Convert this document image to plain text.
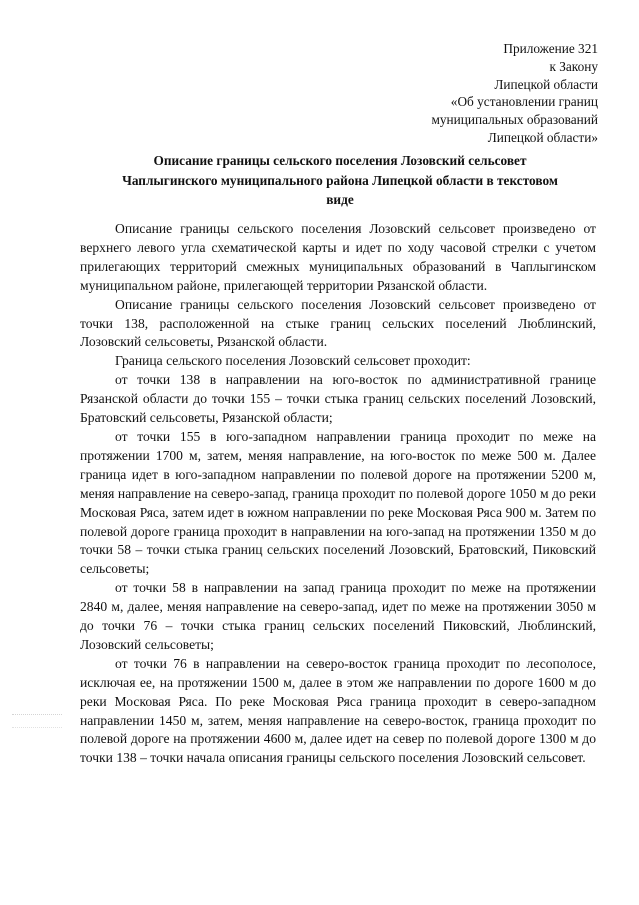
Приложение 321
к Закону
Липецкой области
«Об установлении границ
муниципальных образований
Липецкой области»
Описание границы сельского поселения Лозовский сельсовет
Чаплыгинского муниципального района Липецкой области в текстовом
виде

Описание границы сельского поселения Лозовский сельсовет произведено от верхнего левого угла схематической карты и идет по ходу часовой стрелки с учетом прилегающих территорий смежных муниципальных образований в Чаплыгинском муниципальном районе, прилегающей территории Рязанской области.

Описание границы сельского поселения Лозовский сельсовет произведено от точки 138, расположенной на стыке границ сельских поселений Люблинский, Лозовский сельсоветы, Рязанской области.

Граница сельского поселения Лозовский сельсовет проходит:

от точки 138 в направлении на юго-восток по административной границе Рязанской области до точки 155 – точки стыка границ сельских поселений Лозовский, Братовский сельсоветы, Рязанской области;

от точки 155 в юго-западном направлении граница проходит по меже на протяжении 1700 м, затем, меняя направление, на юго-восток по меже 500 м. Далее граница идет в юго-западном направлении по полевой дороге на протяжении 5200 м, меняя направление на северо-запад, граница проходит по полевой дороге 1050 м до реки Московая Ряса, затем идет в южном направлении по реке Московая Ряса 900 м. Затем по полевой дороге граница проходит в направлении на юго-запад на протяжении 1350 м до точки 58 – точки стыка границ сельских поселений Лозовский, Братовский, Пиковский сельсоветы;

от точки 58 в направлении на запад граница проходит по меже на протяжении 2840 м, далее, меняя направление на северо-запад, идет по меже на протяжении 3050 м до точки 76 – точки стыка границ сельских поселений Пиковский, Люблинский, Лозовский сельсоветы;

от точки 76 в направлении на северо-восток граница проходит по лесополосе, исключая ее, на протяжении 1500 м, далее в этом же направлении по дороге 1600 м до реки Московая Ряса. По реке Московая Ряса граница проходит в северо-западном направлении 1450 м, затем, меняя направление на северо-восток, граница проходит по полевой дороге на протяжении 4600 м, далее идет на север по полевой дороге 1300 м до точки 138 – точки начала описания границы сельского поселения Лозовский сельсовет.
